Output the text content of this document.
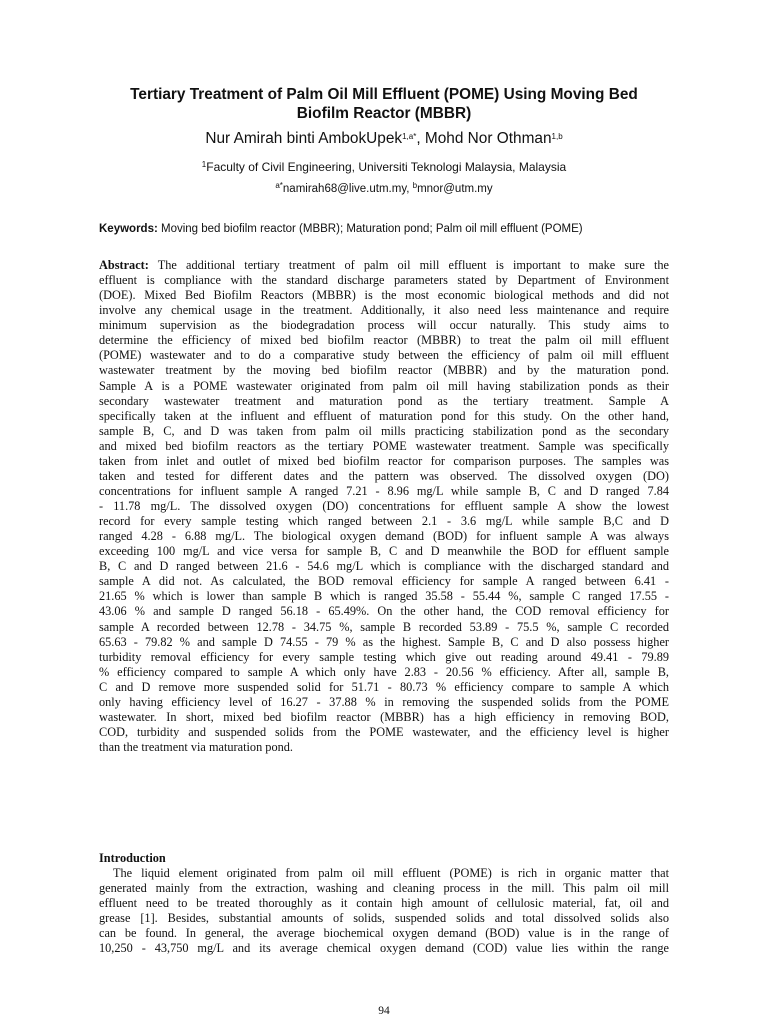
Tertiary Treatment of Palm Oil Mill Effluent (POME) Using Moving Bed
Biofilm Reactor (MBBR)
Nur Amirah binti AmbokUpek$^{1,a*}$, Mohd Nor Othman$^{1,b}$
$^1$Faculty of Civil Engineering, Universiti Teknologi Malaysia, Malaysia
$^{a*}$namirah68@live.utm.my, $^b$mnor@utm.my
Keywords: Moving bed biofilm reactor (MBBR); Maturation pond; Palm oil mill effluent (POME)
Abstract: The additional tertiary treatment of palm oil mill effluent is important to make sure the
effluent is compliance with the standard discharge parameters stated by Department of Environment
(DOE). Mixed Bed Biofilm Reactors (MBBR) is the most economic biological methods and did not
involve any chemical usage in the treatment. Additionally, it also need less maintenance and require
minimum supervision as the biodegradation process will occur naturally. This study aims to
determine the efficiency of mixed bed biofilm reactor (MBBR) to treat the palm oil mill effluent
(POME) wastewater and to do a comparative study between the efficiency of palm oil mill effluent
wastewater treatment by the moving bed biofilm reactor (MBBR) and by the maturation pond.
Sample A is a POME wastewater originated from palm oil mill having stabilization ponds as their
secondary wastewater treatment and maturation pond as the tertiary treatment. Sample A
specifically taken at the influent and effluent of maturation pond for this study. On the other hand,
sample B, C, and D was taken from palm oil mills practicing stabilization pond as the secondary
and mixed bed biofilm reactors as the tertiary POME wastewater treatment. Sample was specifically
taken from inlet and outlet of mixed bed biofilm reactor for comparison purposes. The samples was
taken and tested for different dates and the pattern was observed. The dissolved oxygen (DO)
concentrations for influent sample A ranged 7.21 - 8.96 mg/L while sample B, C and D ranged 7.84
- 11.78 mg/L. The dissolved oxygen (DO) concentrations for effluent sample A show the lowest
record for every sample testing which ranged between 2.1 - 3.6 mg/L while sample B,C and D
ranged 4.28 - 6.88 mg/L. The biological oxygen demand (BOD) for influent sample A was always
exceeding 100 mg/L and vice versa for sample B, C and D meanwhile the BOD for effluent sample
B, C and D ranged between 21.6 - 54.6 mg/L which is compliance with the discharged standard and
sample A did not. As calculated, the BOD removal efficiency for sample A ranged between 6.41 -
21.65 % which is lower than sample B which is ranged 35.58 - 55.44 %, sample C ranged 17.55 -
43.06 % and sample D ranged 56.18 - 65.49%. On the other hand, the COD removal efficiency for
sample A recorded between 12.78 - 34.75 %, sample B recorded 53.89 - 75.5 %, sample C recorded
65.63 - 79.82 % and sample D 74.55 - 79 % as the highest. Sample B, C and D also possess higher
turbidity removal efficiency for every sample testing which give out reading around 49.41 - 79.89
% efficiency compared to sample A which only have 2.83 - 20.56 % efficiency. After all, sample B,
C and D remove more suspended solid for 51.71 - 80.73 % efficiency compare to sample A which
only having efficiency level of 16.27 - 37.88 % in removing the suspended solids from the POME
wastewater. In short, mixed bed biofilm reactor (MBBR) has a high efficiency in removing BOD,
COD, turbidity and suspended solids from the POME wastewater, and the efficiency level is higher
than the treatment via maturation pond.
Introduction
The liquid element originated from palm oil mill effluent (POME) is rich in organic matter that
generated mainly from the extraction, washing and cleaning process in the mill. This palm oil mill
effluent need to be treated thoroughly as it contain high amount of cellulosic material, fat, oil and
grease [1]. Besides, substantial amounts of solids, suspended solids and total dissolved solids also
can be found. In general, the average biochemical oxygen demand (BOD) value is in the range of
10,250 - 43,750 mg/L and its average chemical oxygen demand (COD) value lies within the range
94
